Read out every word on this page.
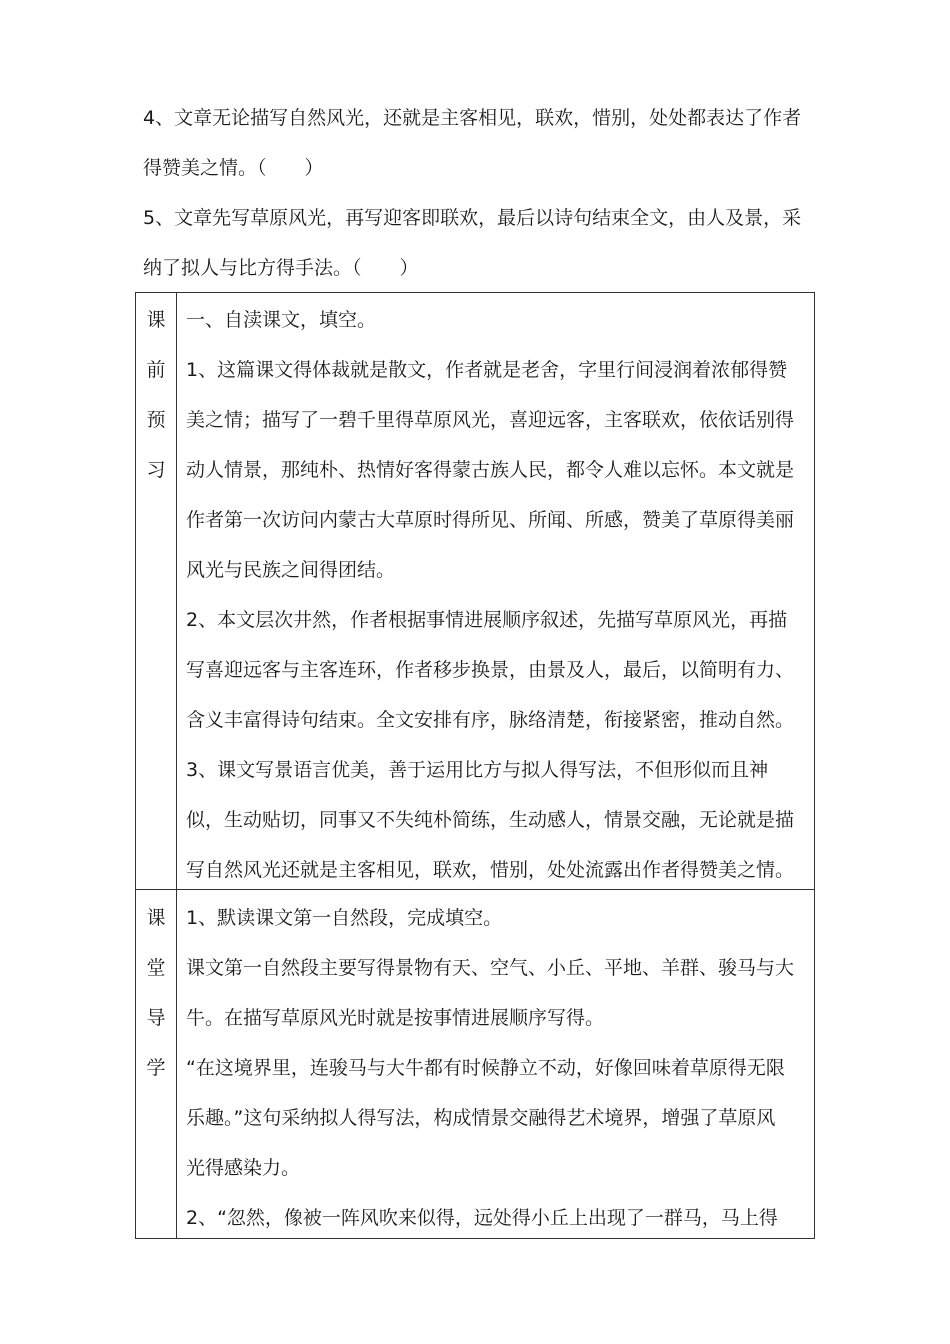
4、文章无论描写自然风光，还就是主客相见，联欢，惜别，处处都表达了作者
得赞美之情。（　　）
5、文章先写草原风光，再写迎客即联欢，最后以诗句结束全文，由人及景，采
纳了拟人与比方得手法。（　　）
课
前
预
习
一、自渎课文，填空。
1、这篇课文得体裁就是散文，作者就是老舍，字里行间浸润着浓郁得赞
美之情；描写了一碧千里得草原风光，喜迎远客，主客联欢，依依话别得
动人情景，那纯朴、热情好客得蒙古族人民，都令人难以忘怀。本文就是
作者第一次访问内蒙古大草原时得所见、所闻、所感，赞美了草原得美丽
风光与民族之间得团结。
2、本文层次井然，作者根据事情进展顺序叙述，先描写草原风光，再描
写喜迎远客与主客连环，作者移步换景，由景及人，最后，以简明有力、
含义丰富得诗句结束。全文安排有序，脉络清楚，衔接紧密，推动自然。
3、课文写景语言优美，善于运用比方与拟人得写法，不但形似而且神
似，生动贴切，同事又不失纯朴简练，生动感人，情景交融，无论就是描
写自然风光还就是主客相见，联欢，惜别，处处流露出作者得赞美之情。
课
堂
导
学
1、默读课文第一自然段，完成填空。
课文第一自然段主要写得景物有天、空气、小丘、平地、羊群、骏马与大
牛。在描写草原风光时就是按事情进展顺序写得。
“在这境界里，连骏马与大牛都有时候静立不动，好像回味着草原得无限
乐趣。”这句采纳拟人得写法，构成情景交融得艺术境界，增强了草原风
光得感染力。
2、“忽然，像被一阵风吹来似得，远处得小丘上出现了一群马，马上得
